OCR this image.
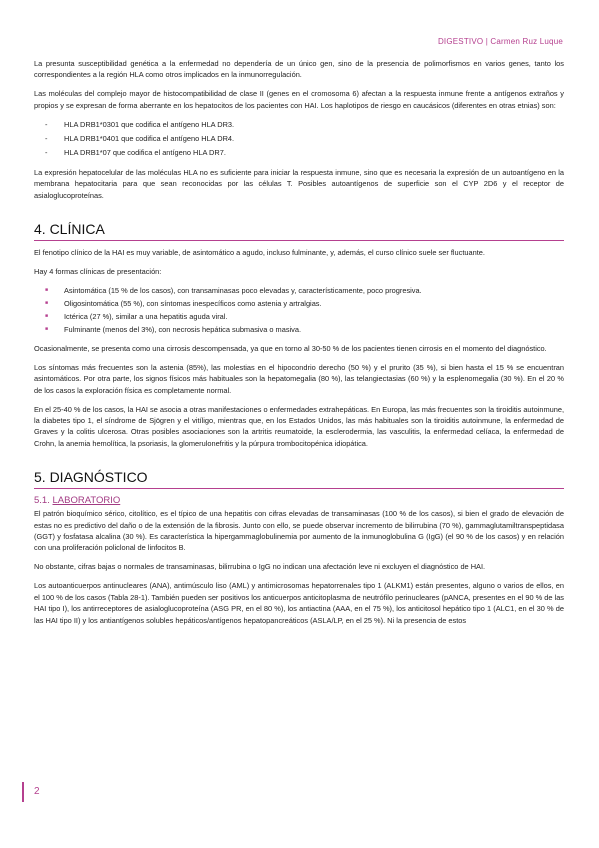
DIGESTIVO | Carmen Ruz Luque

La presunta susceptibilidad genética a la enfermedad no dependería de un único gen, sino de la presencia de polimorfismos en varios genes, tanto los correspondientes a la región HLA como otros implicados en la inmunorregulación.

Las moléculas del complejo mayor de histocompatibilidad de clase II (genes en el cromosoma 6) afectan a la respuesta inmune frente a antígenos extraños y propios y se expresan de forma aberrante en los hepatocitos de los pacientes con HAI. Los haplotipos de riesgo en caucásicos (diferentes en otras etnias) son:

- HLA DRB1*0301 que codifica el antígeno HLA DR3.
- HLA DRB1*0401 que codifica el antígeno HLA DR4.
- HLA DRB1*07 que codifica el antígeno HLA DR7.

La expresión hepatocelular de las moléculas HLA no es suficiente para iniciar la respuesta inmune, sino que es necesaria la expresión de un autoantígeno en la membrana hepatocitaria para que sean reconocidas por las células T. Posibles autoantígenos de superficie son el CYP 2D6 y el receptor de asialoglucoproteínas.

4. CLÍNICA

El fenotipo clínico de la HAI es muy variable, de asintomático a agudo, incluso fulminante, y, además, el curso clínico suele ser fluctuante.

Hay 4 formas clínicas de presentación:

■ Asintomática (15 % de los casos), con transaminasas poco elevadas y, característicamente, poco progresiva.
■ Oligosintomática (55 %), con síntomas inespecíficos como astenia y artralgias.
■ Ictérica (27 %), similar a una hepatitis aguda viral.
■ Fulminante (menos del 3%), con necrosis hepática submasiva o masiva.

Ocasionalmente, se presenta como una cirrosis descompensada, ya que en torno al 30-50 % de los pacientes tienen cirrosis en el momento del diagnóstico.

Los síntomas más frecuentes son la astenia (85%), las molestias en el hipocondrio derecho (50 %) y el prurito (35 %), si bien hasta el 15 % se encuentran asintomáticos. Por otra parte, los signos físicos más habituales son la hepatomegalia (80 %), las telangiectasias (60 %) y la esplenomegalia (30 %). En el 20 % de los casos la exploración física es completamente normal.

En el 25-40 % de los casos, la HAI se asocia a otras manifestaciones o enfermedades extrahepáticas. En Europa, las más frecuentes son la tiroiditis autoinmune, la diabetes tipo 1, el síndrome de Sjögren y el vitíligo, mientras que, en los Estados Unidos, las más habituales son la tiroiditis autoinmune, la enfermedad de Graves y la colitis ulcerosa. Otras posibles asociaciones son la artritis reumatoide, la esclerodermia, las vasculitis, la enfermedad celíaca, la enfermedad de Crohn, la anemia hemolítica, la psoriasis, la glomerulonefritis y la púrpura trombocitopénica idiopática.

5. DIAGNÓSTICO
5.1. LABORATORIO

El patrón bioquímico sérico, citolítico, es el típico de una hepatitis con cifras elevadas de transaminasas (100 % de los casos), si bien el grado de elevación de estas no es predictivo del daño o de la extensión de la fibrosis. Junto con ello, se puede observar incremento de bilirrubina (70 %), gammaglutamiltranspeptidasa (GGT) y fosfatasa alcalina (30 %). Es característica la hipergammaglobulinemia por aumento de la inmunoglobulina G (IgG) (el 90 % de los casos) y en relación con una proliferación policlonal de linfocitos B.

No obstante, cifras bajas o normales de transaminasas, bilirrubina o IgG no indican una afectación leve ni excluyen el diagnóstico de HAI.

Los autoanticuerpos antinucleares (ANA), antimúsculo liso (AML) y antimicrosomas hepatorrenales tipo 1 (ALKM1) están presentes, alguno o varios de ellos, en el 100 % de los casos (Tabla 28-1). También pueden ser positivos los anticuerpos anticitoplasma de neutrófilo perinucleares (pANCA, presentes en el 90 % de las HAI tipo I), los antirreceptores de asialoglucoproteína (ASG PR, en el 80 %), los antiactina (AAA, en el 75 %), los anticitosol hepático tipo 1 (ALC1, en el 30 % de las HAI tipo II) y los antiantígenos solubles hepáticos/antígenos hepatopancreáticos (ASLA/LP, en el 25 %). Ni la presencia de estos

2
